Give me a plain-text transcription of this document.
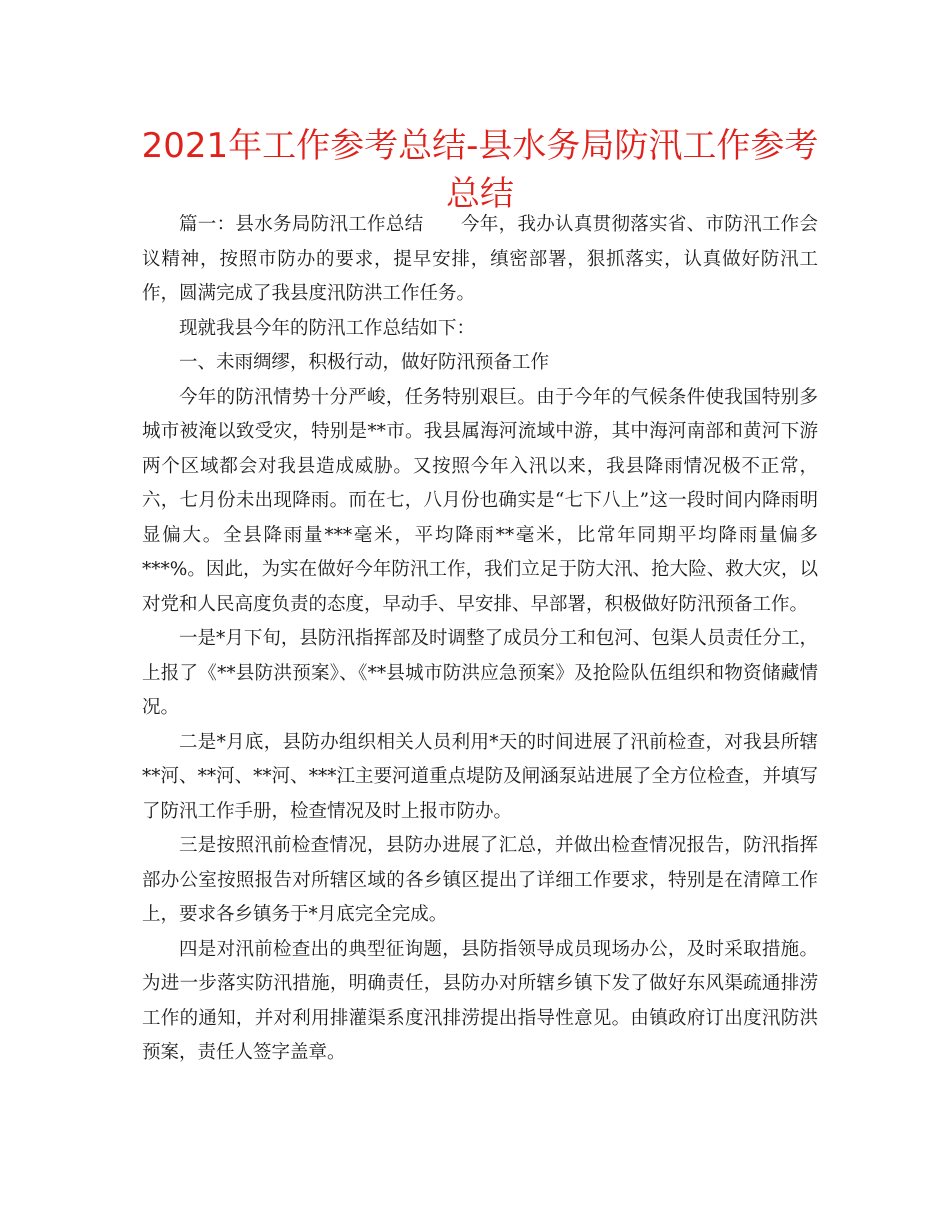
2021年工作参考总结-县水务局防汛工作参考总结

篇一：县水务局防汛工作总结　　今年，我办认真贯彻落实省、市防汛工作会议精神，按照市防办的要求，提早安排，缜密部署，狠抓落实，认真做好防汛工作，圆满完成了我县度汛防洪工作任务。

现就我县今年的防汛工作总结如下：

一、未雨绸缪，积极行动，做好防汛预备工作

今年的防汛情势十分严峻，任务特别艰巨。由于今年的气候条件使我国特别多城市被淹以致受灾，特别是**市。我县属海河流域中游，其中海河南部和黄河下游两个区域都会对我县造成威胁。又按照今年入汛以来，我县降雨情况极不正常，六，七月份未出现降雨。而在七，八月份也确实是“七下八上”这一段时间内降雨明显偏大。全县降雨量***毫米，平均降雨**毫米，比常年同期平均降雨量偏多***%。因此，为实在做好今年防汛工作，我们立足于防大汛、抢大险、救大灾，以对党和人民高度负责的态度，早动手、早安排、早部署，积极做好防汛预备工作。

一是*月下旬，县防汛指挥部及时调整了成员分工和包河、包渠人员责任分工，上报了《**县防洪预案》、《**县城市防洪应急预案》及抢险队伍组织和物资储藏情况。

二是*月底，县防办组织相关人员利用*天的时间进展了汛前检查，对我县所辖**河、**河、**河、***江主要河道重点堤防及闸涵泵站进展了全方位检查，并填写了防汛工作手册，检查情况及时上报市防办。

三是按照汛前检查情况，县防办进展了汇总，并做出检查情况报告，防汛指挥部办公室按照报告对所辖区域的各乡镇区提出了详细工作要求，特别是在清障工作上，要求各乡镇务于*月底完全完成。

四是对汛前检查出的典型征询题，县防指领导成员现场办公，及时采取措施。为进一步落实防汛措施，明确责任，县防办对所辖乡镇下发了做好东风渠疏通排涝工作的通知，并对利用排灌渠系度汛排涝提出指导性意见。由镇政府订出度汛防洪预案，责任人签字盖章。
